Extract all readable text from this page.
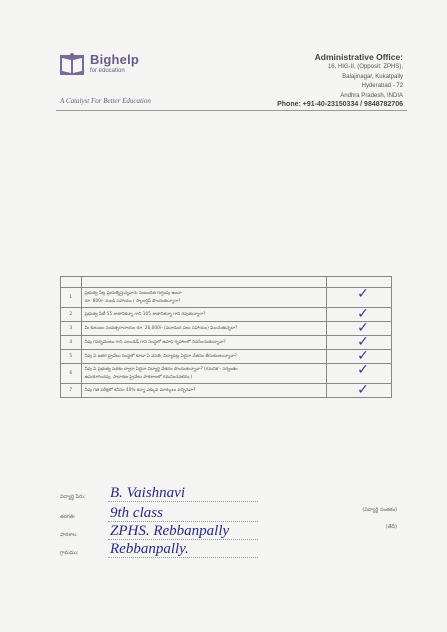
Bighelp
for education
A Catalyst For Better Education
Administrative Office:
16, HIG-II, (Opposit: ZPHS),
Balajinagar, Kukatpally
Hyderabad - 72
Andhra Pradesh, INDIA
Phone: +91-40-23150334 / 9848782706

1	ప్రభుత్వ సీట్ల ప్రయత్నిస్తున్నవారు సంబంధిత గుర్తింపు ఉందా
రూ. 800/- నుండి సహాయం / స్కాలర్షిప్ పొందుతున్నారా?	✓

2	ప్రభుత్వ సిటీ 55 శాతానికన్నా గాని 105 శాతానికన్నా గాని రవుతున్నారా?	✓

3	మీ కుటుంబ సంవత్సరాదాయం రూ. 26,000/- (మూడెంద పలు సహాయం) మించుతున్నదా?	✓

4	నీవు గవర్నమెంటు గాని ఎయిడెడ్ గాని సంస్థలో ఉపాధి గృహాలలో నివసించుతున్నావా?	✓

5	నీవు ఏ ఇతర ప్రైవేటు సంస్థలో కూడా ఏ వసతి, విద్యాపట్ల ఏదైనా వేతనం తీసుకుంటున్నావా?	✓

6	నీవు ఏ ప్రభుత్వ పథకం ద్వారా ఏదైనా విద్యార్థి వేతనం పొందుతున్నావా? (గమనిక - సర్వంతం
ఉపయోగించవు, సాధారణ ప్రైవేటు పాఠశాలలో గమనించవలెను.)	✓

7	నీవు గత పరీక్షలో కనీసం 40% కన్నా ఎక్కువ మార్కులు వచ్చినవా?	✓
విద్యార్థి పేరు: B. Vaishnavi
తరగతి: 9th class
పాఠశాల: ZPHS. Rebbanpally
గ్రామము: Rebbanpally.
(విద్యార్థి సంతకం)
(తేదీ)
